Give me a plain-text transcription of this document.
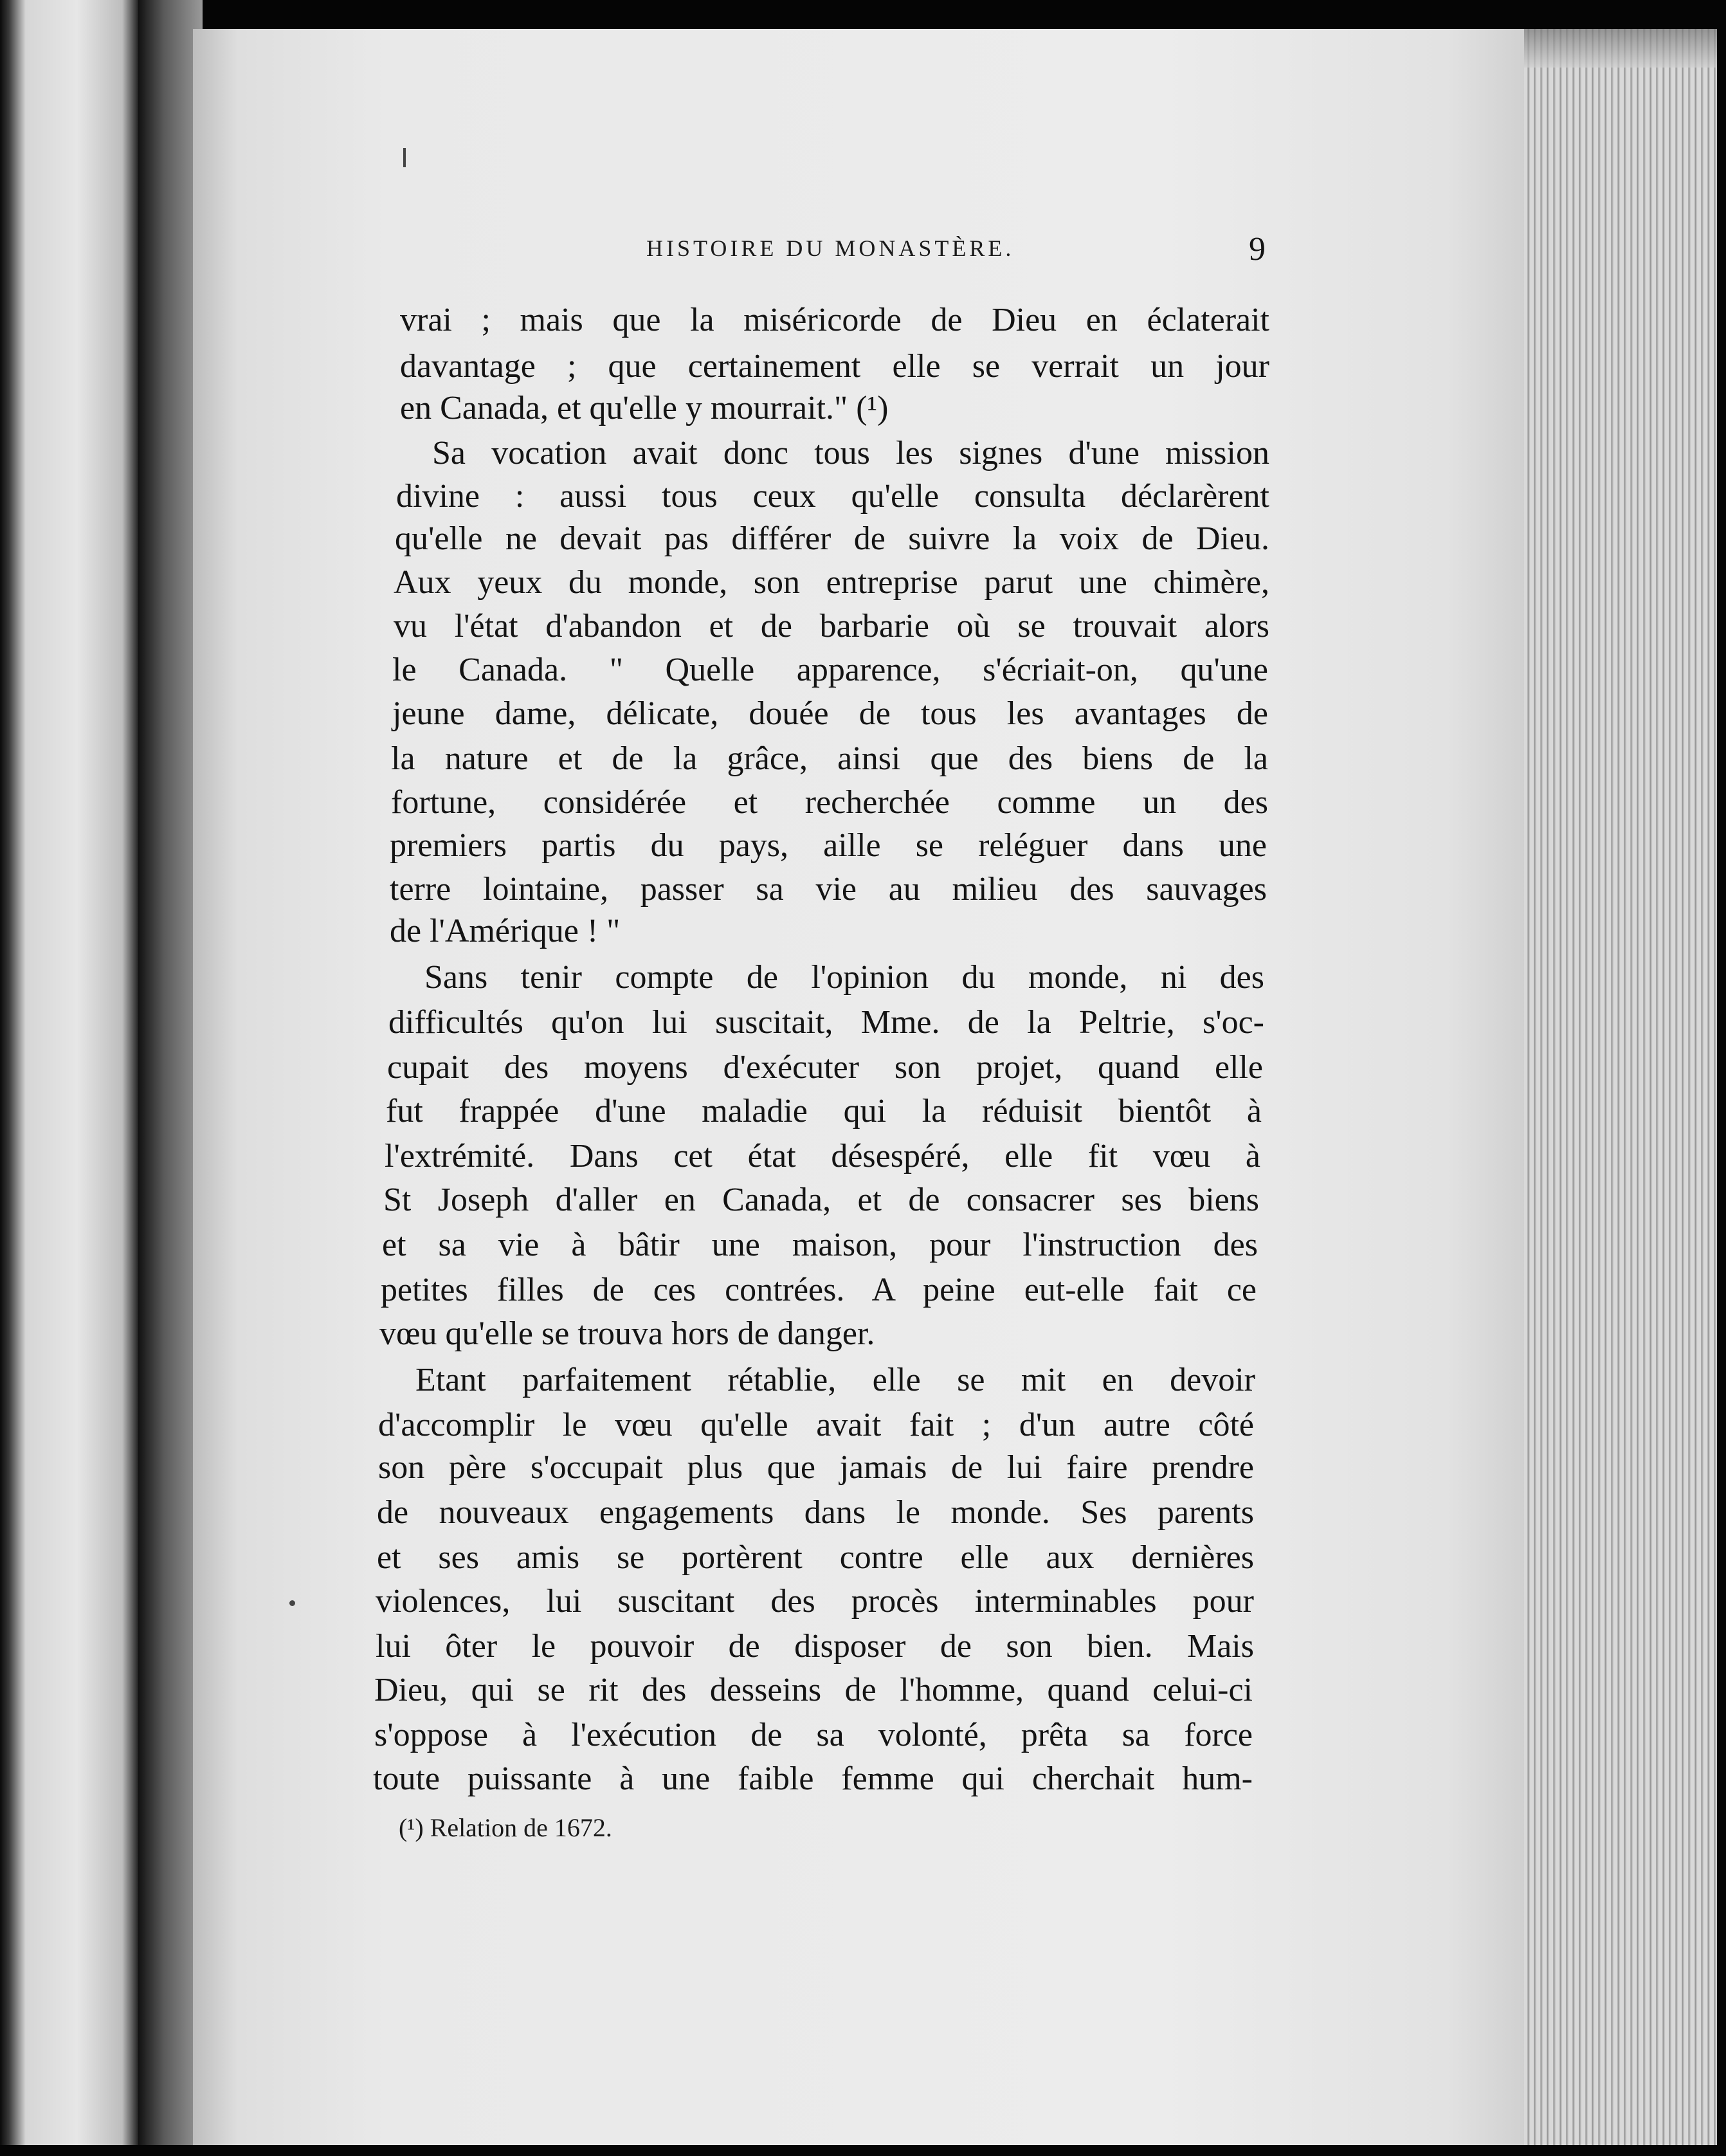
HISTOIRE DU MONASTÈRE.	9
vrai ; mais que la miséricorde de Dieu en éclaterait
davantage ; que certainement elle se verrait un jour
en Canada, et qu'elle y mourrait." (¹)
Sa vocation avait donc tous les signes d'une mission
divine : aussi tous ceux qu'elle consulta déclarèrent
qu'elle ne devait pas différer de suivre la voix de Dieu.
Aux yeux du monde, son entreprise parut une chimère,
vu l'état d'abandon et de barbarie où se trouvait alors
le Canada. " Quelle apparence, s'écriait-on, qu'une
jeune dame, délicate, douée de tous les avantages de
la nature et de la grâce, ainsi que des biens de la
fortune, considérée et recherchée comme un des
premiers partis du pays, aille se reléguer dans une
terre lointaine, passer sa vie au milieu des sauvages
de l'Amérique ! "
Sans tenir compte de l'opinion du monde, ni des
difficultés qu'on lui suscitait, Mme. de la Peltrie, s'oc-
cupait des moyens d'exécuter son projet, quand elle
fut frappée d'une maladie qui la réduisit bientôt à
l'extrémité. Dans cet état désespéré, elle fit vœu à
St Joseph d'aller en Canada, et de consacrer ses biens
et sa vie à bâtir une maison, pour l'instruction des
petites filles de ces contrées. A peine eut-elle fait ce
vœu qu'elle se trouva hors de danger.
Etant parfaitement rétablie, elle se mit en devoir
d'accomplir le vœu qu'elle avait fait ; d'un autre côté
son père s'occupait plus que jamais de lui faire prendre
de nouveaux engagements dans le monde. Ses parents
et ses amis se portèrent contre elle aux dernières
violences, lui suscitant des procès interminables pour
lui ôter le pouvoir de disposer de son bien. Mais
Dieu, qui se rit des desseins de l'homme, quand celui-ci
s'oppose à l'exécution de sa volonté, prêta sa force
toute puissante à une faible femme qui cherchait hum-
(¹) Relation de 1672.
